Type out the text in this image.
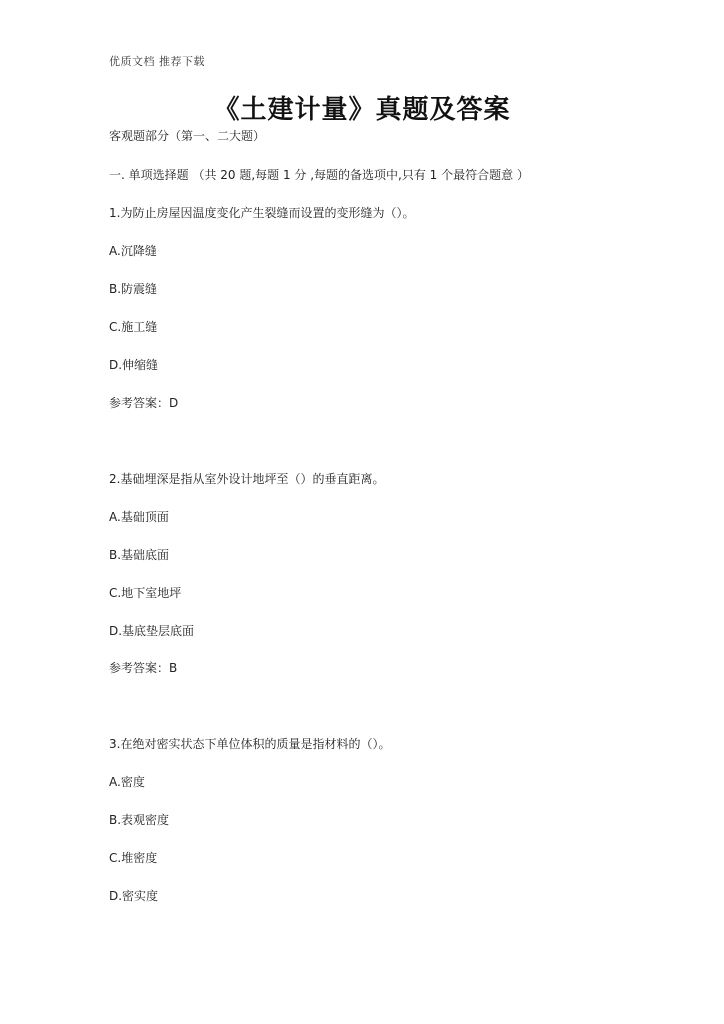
优质文档 推荐下载
《土建计量》真题及答案
客观题部分（第一、二大题）
一. 单项选择题 （共 20 题,每题 1 分 ,每题的备选项中,只有 1 个最符合题意 ）
1.为防止房屋因温度变化产生裂缝而设置的变形缝为（）。
A.沉降缝
B.防震缝
C.施工缝
D.伸缩缝
参考答案：D
2.基础埋深是指从室外设计地坪至（）的垂直距离。
A.基础顶面
B.基础底面
C.地下室地坪
D.基底垫层底面
参考答案：B
3.在绝对密实状态下单位体积的质量是指材料的（）。
A.密度
B.表观密度
C.堆密度
D.密实度
